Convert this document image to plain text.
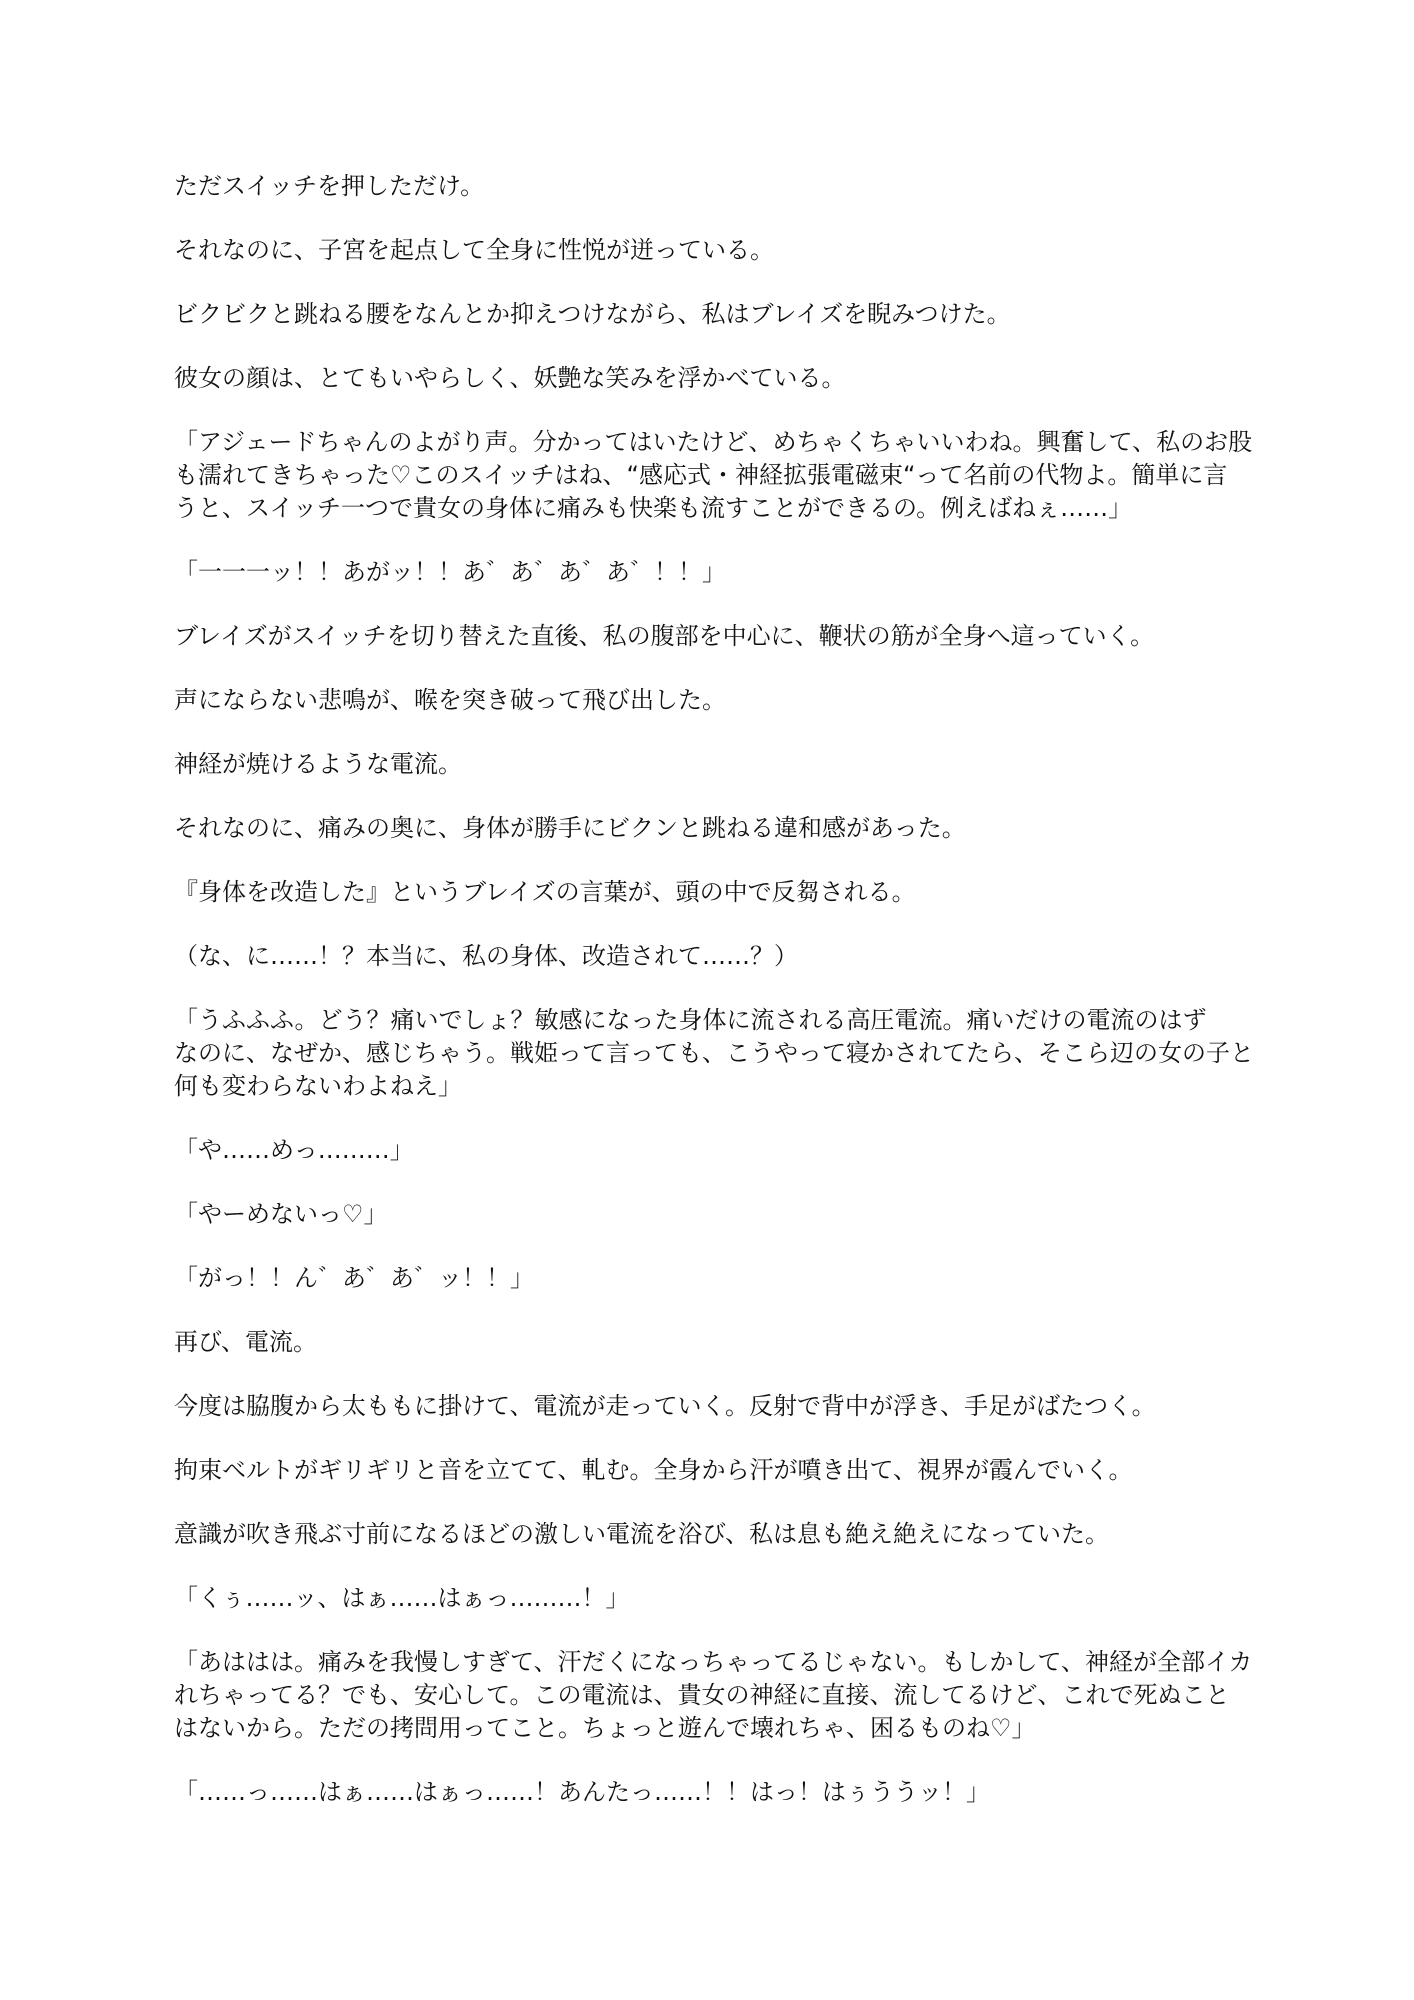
ただスイッチを押しただけ。

それなのに、子宮を起点して全身に性悦が迸っている。

ビクビクと跳ねる腰をなんとか抑えつけながら、私はブレイズを睨みつけた。

彼女の顔は、とてもいやらしく、妖艶な笑みを浮かべている。

「アジェードちゃんのよがり声。分かってはいたけど、めちゃくちゃいいわね。興奮して、私のお股
も濡れてきちゃった♡このスイッチはね、“感応式・神経拡張電磁束“って名前の代物よ。簡単に言
うと、スイッチ一つで貴女の身体に痛みも快楽も流すことができるの。例えばねぇ……」

「一一一ッ！！あがッ！！あ゛あ゛あ゛あ゛！！」

ブレイズがスイッチを切り替えた直後、私の腹部を中心に、鞭状の筋が全身へ這っていく。

声にならない悲鳴が、喉を突き破って飛び出した。

神経が焼けるような電流。

それなのに、痛みの奥に、身体が勝手にビクンと跳ねる違和感があった。

『身体を改造した』というブレイズの言葉が、頭の中で反芻される。

（な、に……！？本当に、私の身体、改造されて……？）

「うふふふ。どう？痛いでしょ？敏感になった身体に流される高圧電流。痛いだけの電流のはず
なのに、なぜか、感じちゃう。戦姫って言っても、こうやって寝かされてたら、そこら辺の女の子と
何も変わらないわよねえ」

「や……めっ………」

「やーめないっ♡」

「がっ！！ん゛あ゛あ゛ッ！！」

再び、電流。

今度は脇腹から太ももに掛けて、電流が走っていく。反射で背中が浮き、手足がばたつく。

拘束ベルトがギリギリと音を立てて、軋む。全身から汗が噴き出て、視界が霞んでいく。

意識が吹き飛ぶ寸前になるほどの激しい電流を浴び、私は息も絶え絶えになっていた。

「くぅ……ッ、はぁ……はぁっ………！」

「あははは。痛みを我慢しすぎて、汗だくになっちゃってるじゃない。もしかして、神経が全部イカ
れちゃってる？でも、安心して。この電流は、貴女の神経に直接、流してるけど、これで死ぬこと
はないから。ただの拷問用ってこと。ちょっと遊んで壊れちゃ、困るものね♡」

「……っ……はぁ……はぁっ……！あんたっ……！！はっ！はぅううッ！」
